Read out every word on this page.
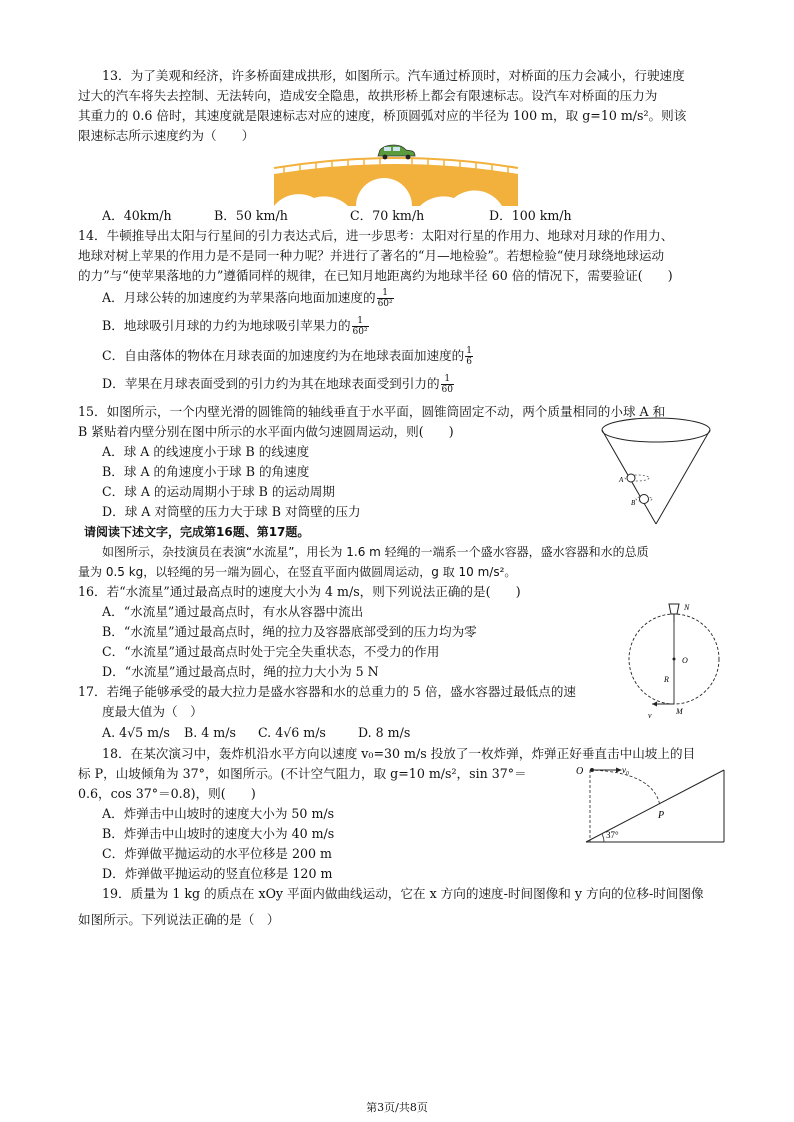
13．为了美观和经济，许多桥面建成拱形，如图所示。汽车通过桥顶时，对桥面的压力会减小，行驶速度
过大的汽车将失去控制、无法转向，造成安全隐患，故拱形桥上都会有限速标志。设汽车对桥面的压力为
其重力的 0.6 倍时，其速度就是限速标志对应的速度，桥顶圆弧对应的半径为 100 m，取 g=10 m/s²。则该
限速标志所示速度约为（　　）
A．40km/h	B．50 km/h	C．70 km/h	D．100 km/h
14．牛顿推导出太阳与行星间的引力表达式后，进一步思考：太阳对行星的作用力、地球对月球的作用力、
地球对树上苹果的作用力是不是同一种力呢？并进行了著名的“月—地检验”。若想检验“使月球绕地球运动
的力”与“使苹果落地的力”遵循同样的规律，在已知月地距离约为地球半径 60 倍的情况下，需要验证(　　)
A．月球公转的加速度约为苹果落向地面加速度的 $\frac{1}{\text{60²}}$
B．地球吸引月球的力约为地球吸引苹果力的 $\frac{1}{\text{60²}}$
C．自由落体的物体在月球表面的加速度约为在地球表面加速度的 $\frac{1}{6}$
D．苹果在月球表面受到的引力约为其在地球表面受到引力的 $\frac{1}{60}$
15．如图所示，一个内壁光滑的圆锥筒的轴线垂直于水平面，圆锥筒固定不动，两个质量相同的小球 A 和
B 紧贴着内壁分别在图中所示的水平面内做匀速圆周运动，则(　　)
A．球 A 的线速度小于球 B 的线速度
B．球 A 的角速度小于球 B 的角速度
C．球 A 的运动周期小于球 B 的运动周期
D．球 A 对筒壁的压力大于球 B 对筒壁的压力
A
B
请阅读下述文字，完成第16题、第17题。
如图所示，杂技演员在表演“水流星”，用长为 1.6 m 轻绳的一端系一个盛水容器，盛水容器和水的总质
量为 0.5 kg，以轻绳的另一端为圆心，在竖直平面内做圆周运动，g 取 10 m/s²。
16．若“水流星”通过最高点时的速度大小为 4 m/s，则下列说法正确的是(　　)
A．“水流星”通过最高点时，有水从容器中流出
B．“水流星”通过最高点时，绳的拉力及容器底部受到的压力均为零
C．“水流星”通过最高点时处于完全失重状态，不受力的作用
D．“水流星”通过最高点时，绳的拉力大小为 5 N
N
O
R
v	M
17．若绳子能够承受的最大拉力是盛水容器和水的总重力的 5 倍，盛水容器过最低点的速
度最大值为（　）
A. 4√5 m/s B. 4 m/s C. 4√6 m/s	D. 8 m/s
18．在某次演习中，轰炸机沿水平方向以速度 v₀=30 m/s 投放了一枚炸弹，炸弹正好垂直击中山坡上的目
标 P，山坡倾角为 37°，如图所示。(不计空气阻力，取 g=10 m/s²，sin 37°＝
0.6，cos 37°＝0.8)，则(　　)
A．炸弹击中山坡时的速度大小为 50 m/s
B．炸弹击中山坡时的速度大小为 40 m/s
C．炸弹做平抛运动的水平位移是 200 m
D．炸弹做平抛运动的竖直位移是 120 m
O	v₀
P
37°
19．质量为 1 kg 的质点在 xOy 平面内做曲线运动，它在 x 方向的速度-时间图像和 y 方向的位移-时间图像
如图所示。下列说法正确的是（　）
第3页/共8页
